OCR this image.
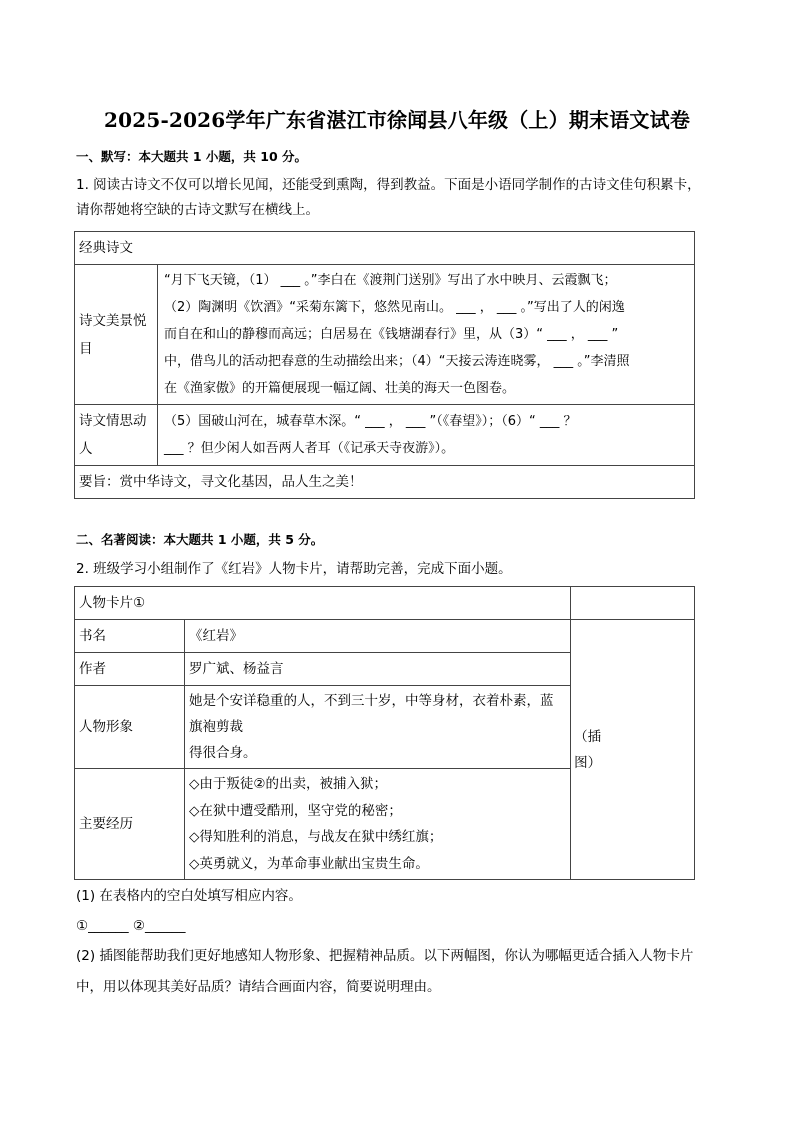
2025-2026学年广东省湛江市徐闻县八年级（上）期末语文试卷
一、默写：本大题共 1 小题，共 10 分。
1. 阅读古诗文不仅可以增长见闻，还能受到熏陶，得到教益。下面是小语同学制作的古诗文佳句积累卡，
请你帮她将空缺的古诗文默写在横线上。
经典诗文	
诗文美景悦目	“月下飞天镜，（1） ___ 。”李白在《渡荆门送别》写出了水中映月、云霞飘飞；
（2）陶渊明《饮酒》“采菊东篱下，悠然见南山。 ___ ， ___ 。”写出了人的闲逸
而自在和山的静穆而高远；白居易在《钱塘湖春行》里，从（3）“ ___ ， ___ ”
中，借鸟儿的活动把春意的生动描绘出来；（4）“天接云涛连晓雾， ___ 。”李清照
在《渔家傲》的开篇便展现一幅辽阔、壮美的海天一色图卷。

诗文情思动人	（5）国破山河在，城春草木深。“ ___ ， ___ ”（《春望》）；（6）“ ___ ？
___ ？但少闲人如吾两人者耳（《记承天寺夜游》）。

要旨：赏中华诗文，寻文化基因，品人生之美！	
二、名著阅读：本大题共 1 小题，共 5 分。
2. 班级学习小组制作了《红岩》人物卡片，请帮助完善，完成下面小题。
人物卡片①		
书名	《红岩》	（插
图）

作者	罗广斌、杨益言	
人物形象	她是个安详稳重的人，不到三十岁，中等身材，衣着朴素，蓝旗袍剪裁
得很合身。	

主要经历	◇由于叛徒②的出卖，被捕入狱；
◇在狱中遭受酷刑，坚守党的秘密；
◇得知胜利的消息，与战友在狱中绣红旗；
◇英勇就义，为革命事业献出宝贵生命。	
(1) 在表格内的空白处填写相应内容。
①______ ②______
(2) 插图能帮助我们更好地感知人物形象、把握精神品质。以下两幅图，你认为哪幅更适合插入人物卡片
中，用以体现其美好品质？请结合画面内容，简要说明理由。
